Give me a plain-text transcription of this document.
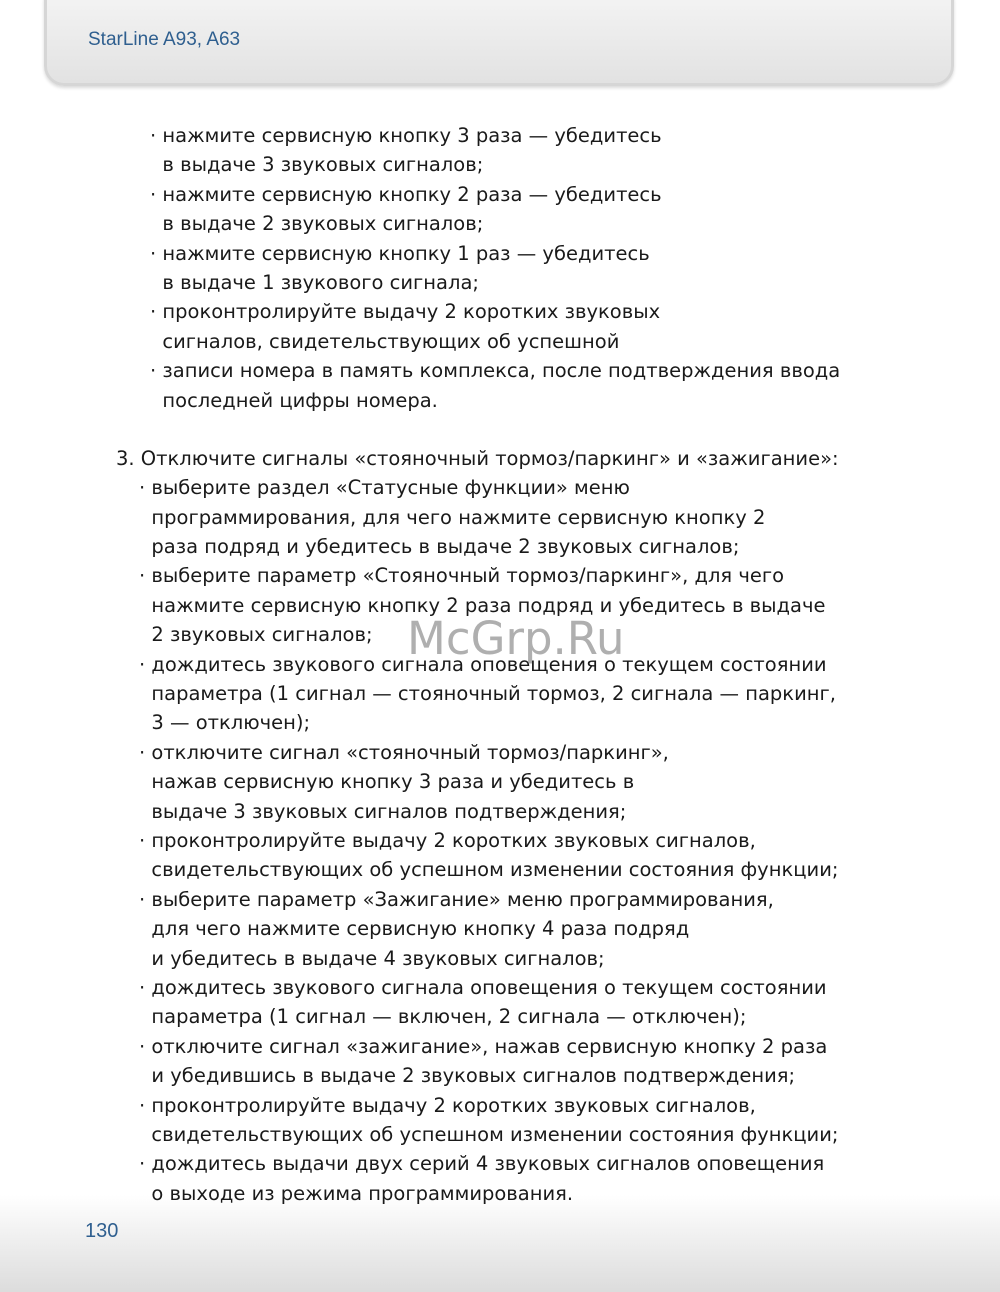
StarLine A93, A63
· нажмите сервисную кнопку 3 раза — убедитесь
в выдаче 3 звуковых сигналов;
· нажмите сервисную кнопку 2 раза — убедитесь
в выдаче 2 звуковых сигналов;
· нажмите сервисную кнопку 1 раз — убедитесь
в выдаче 1 звукового сигнала;
· проконтролируйте выдачу 2 коротких звуковых
сигналов, свидетельствующих об успешной
· записи номера в память комплекса, после подтверждения ввода
последней цифры номера.
3. Отключите сигналы «стояночный тормоз/паркинг» и «зажигание»:
· выберите раздел «Статусные функции» меню
программирования, для чего нажмите сервисную кнопку 2
раза подряд и убедитесь в выдаче 2 звуковых сигналов;
· выберите параметр «Стояночный тормоз/паркинг», для чего
нажмите сервисную кнопку 2 раза подряд и убедитесь в выдаче
2 звуковых сигналов;
· дождитесь звукового сигнала оповещения о текущем состоянии
параметра (1 сигнал — стояночный тормоз, 2 сигнала — паркинг,
3 — отключен);
· отключите сигнал «стояночный тормоз/паркинг»,
нажав сервисную кнопку 3 раза и убедитесь в
выдаче 3 звуковых сигналов подтверждения;
· проконтролируйте выдачу 2 коротких звуковых сигналов,
свидетельствующих об успешном изменении состояния функции;
· выберите параметр «Зажигание» меню программирования,
для чего нажмите сервисную кнопку 4 раза подряд
и убедитесь в выдаче 4 звуковых сигналов;
· дождитесь звукового сигнала оповещения о текущем состоянии
параметра (1 сигнал — включен, 2 сигнала — отключен);
· отключите сигнал «зажигание», нажав сервисную кнопку 2 раза
и убедившись в выдаче 2 звуковых сигналов подтверждения;
· проконтролируйте выдачу 2 коротких звуковых сигналов,
свидетельствующих об успешном изменении состояния функции;
· дождитесь выдачи двух серий 4 звуковых сигналов оповещения
о выходе из режима программирования.
McGrp.Ru
130
